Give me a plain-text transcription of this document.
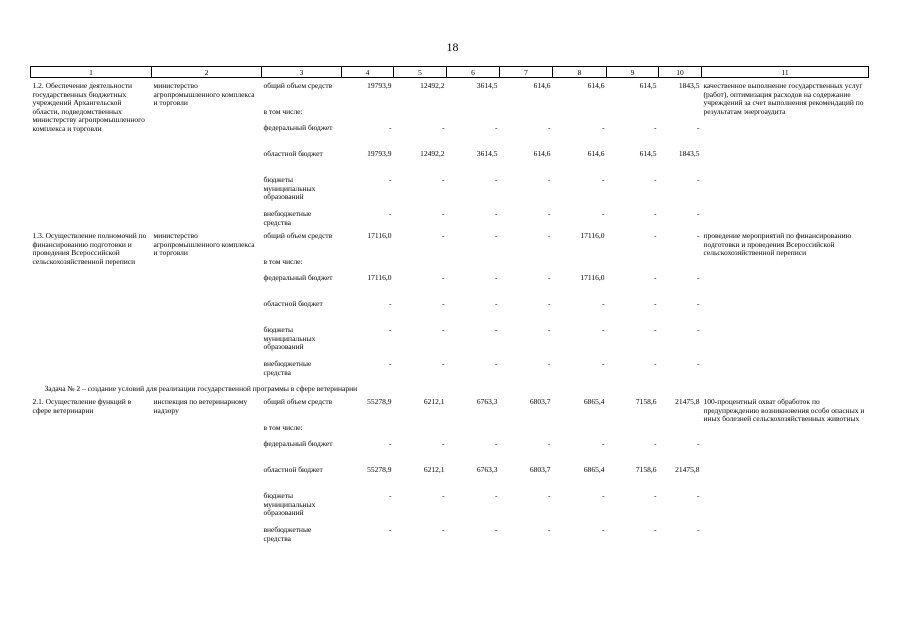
18
1	2	3	4	5	6	7	8	9	10	11

1.2. Обеспечение деятельности государственных бюджетных учреждений Архангельской области, подведомственных министерству агропромышленного комплекса и торговли	министерство агропромышленного комплекса и торговли	общий объем средств	19793,9	12492,2	3614,5	614,6	614,6	614,5	1843,5	качественное выполнение государственных услуг (работ), оптимизация расходов на содержание учреждений за счет выполнения рекомендаций по результатам энергоаудита
		в том числе:								
		федеральный бюджет	-	-	-	-	-	-	-	
		областной бюджет	19793,9	12492,2	3614,5	614,6	614,6	614,5	1843,5	
		бюджеты муниципальных образований	-	-	-	-	-	-	-	
		внебюджетные средства	-	-	-	-	-	-	-	
1.3. Осуществление полномочий по финансированию подготовки и проведения Всероссийской сельскохозяйственной переписи	министерство агропромышленного комплекса и торговли	общий объем средств	17116,0	-	-	-	17116,0	-	-	проведение мероприятий по финансированию подготовки и проведения Всероссийской сельскохозяйственной переписи
		в том числе:								
		федеральный бюджет	17116,0	-	-	-	17116,0	-	-	
		областной бюджет	-	-	-	-	-	-	-	
		бюджеты муниципальных образований	-	-	-	-	-	-	-	
		внебюджетные средства	-	-	-	-	-	-	-	
Задача № 2 – создание условий для реализации государственной программы в сфере ветеринарии										
2.1. Осуществление функций в сфере ветеринарии	инспекция по ветеринарному надзору	общий объем средств	55278,9	6212,1	6763,3	6803,7	6865,4	7158,6	21475,8	100-процентный охват обработок по предупреждению возникновения особо опасных и иных болезней сельскохозяйственных животных
		в том числе:								
		федеральный бюджет	-	-	-	-	-	-	-	
		областной бюджет	55278,9	6212,1	6763,3	6803,7	6865,4	7158,6	21475,8	
		бюджеты муниципальных образований	-	-	-	-	-	-	-	
		внебюджетные средства	-	-	-	-	-	-	-	
